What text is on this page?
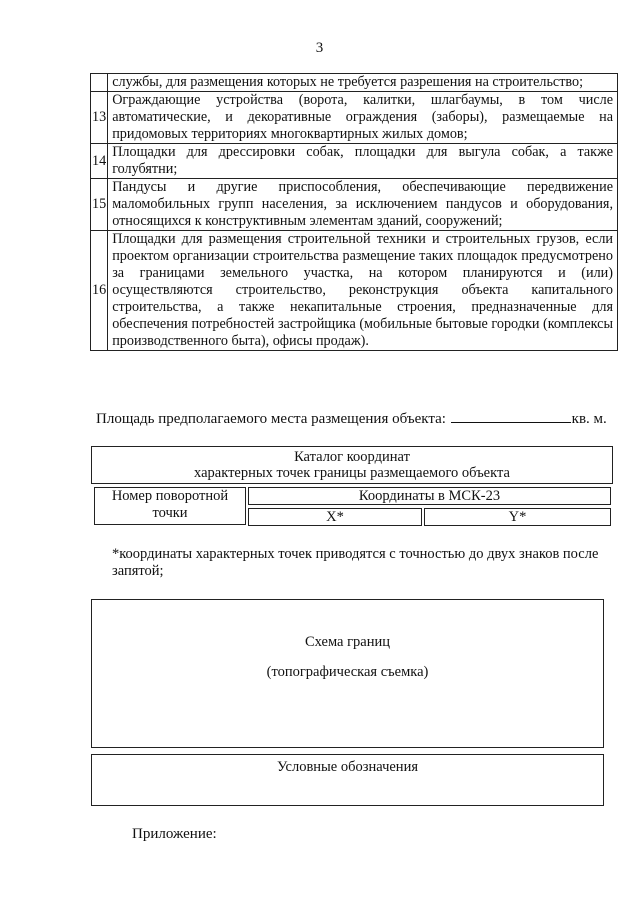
3
	службы, для размещения которых не требуется разрешения на строительство;
13	Ограждающие устройства (ворота, калитки, шлагбаумы, в том числе автоматические, и декоративные ограждения (заборы), размещаемые на придомовых территориях многоквартирных жилых домов;
14	Площадки для дрессировки собак, площадки для выгула собак, а также голубятни;
15	Пандусы и другие приспособления, обеспечивающие передвижение маломобильных групп населения, за исключением пандусов и оборудования, относящихся к конструктивным элементам зданий, сооружений;
16	Площадки для размещения строительной техники и строительных грузов, если проектом организации строительства размещение таких площадок предусмотрено за границами земельного участка, на котором планируются и (или) осуществляются строительство, реконструкция объекта капитального строительства, а также некапитальные строения, предназначенные для обеспечения потребностей застройщика (мобильные бытовые городки (комплексы производственного быта), офисы продаж).
Площадь предполагаемого места размещения объекта:	кв. м.
Каталог координат
характерных точек границы размещаемого объекта
Номер поворотной точки
Координаты в МСК-23
X*	Y*
*координаты характерных точек приводятся с точностью до двух знаков после запятой;
Схема границ
(топографическая съемка)
Условные обозначения
Приложение:
